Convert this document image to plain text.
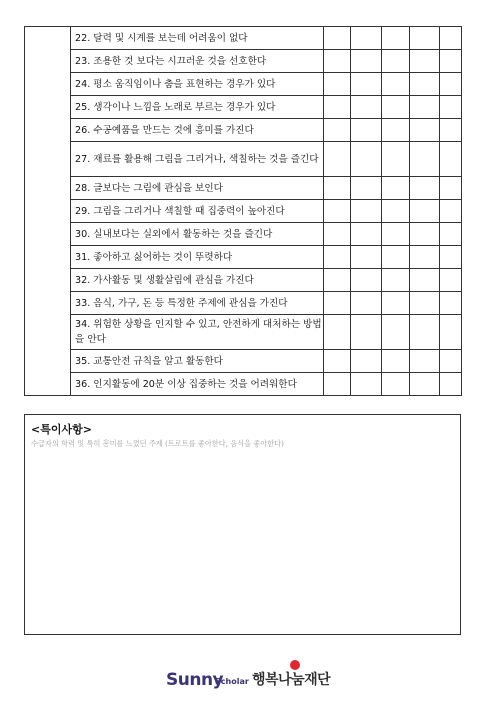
	22. 달력 및 시계를 보는데 어려움이 없다					
	23. 조용한 것 보다는 시끄러운 것을 선호한다					
	24. 평소 움직임이나 춤을 표현하는 경우가 있다					
	25. 생각이나 느낌을 노래로 부르는 경우가 있다					
	26. 수공예품을 만드는 것에 흥미를 가진다					
	27. 재료를 활용해 그림을 그리거나, 색칠하는 것을 즐긴다					
	28. 글보다는 그림에 관심을 보인다					
	29. 그림을 그리거나 색칠할 때 집중력이 높아진다					
	30. 실내보다는 실외에서 활동하는 것을 즐긴다					
	31. 좋아하고 싫어하는 것이 뚜렷하다					
	32. 가사활동 및 생활살림에 관심을 가진다					
	33. 음식, 가구, 돈 등 특정한 주제에 관심을 가진다					
	34. 위험한 상황을 인지할 수 있고, 안전하게 대처하는 방법을 안다					
	35. 교통안전 규칙을 알고 활동한다					
	36. 인지활동에 20분 이상 집중하는 것을 어려워한다					
<특이사항>
수급자의 학력 및 특히 흥미를 느꼈던 주제 (트로트를 좋아한다, 음식을 좋아한다)
Sunny
Scholar 행복나눔재단
